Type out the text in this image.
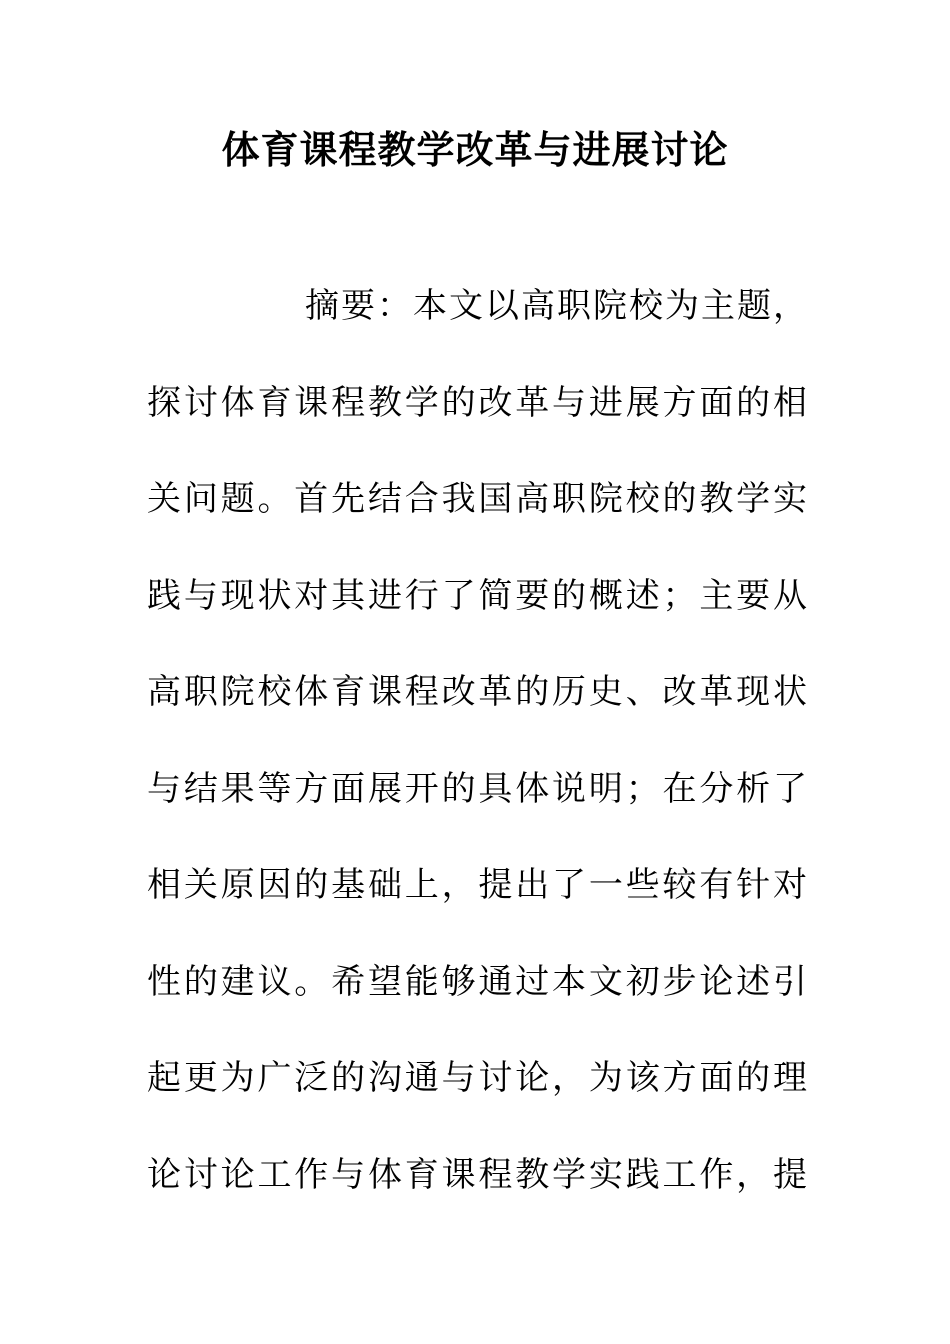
体育课程教学改革与进展讨论
摘要：本文以高职院校为主题，
探讨体育课程教学的改革与进展方面的相
关问题。首先结合我国高职院校的教学实
践与现状对其进行了简要的概述；主要从
高职院校体育课程改革的历史、改革现状
与结果等方面展开的具体说明；在分析了
相关原因的基础上，提出了一些较有针对
性的建议。希望能够通过本文初步论述引
起更为广泛的沟通与讨论，为该方面的理
论讨论工作与体育课程教学实践工作，提
